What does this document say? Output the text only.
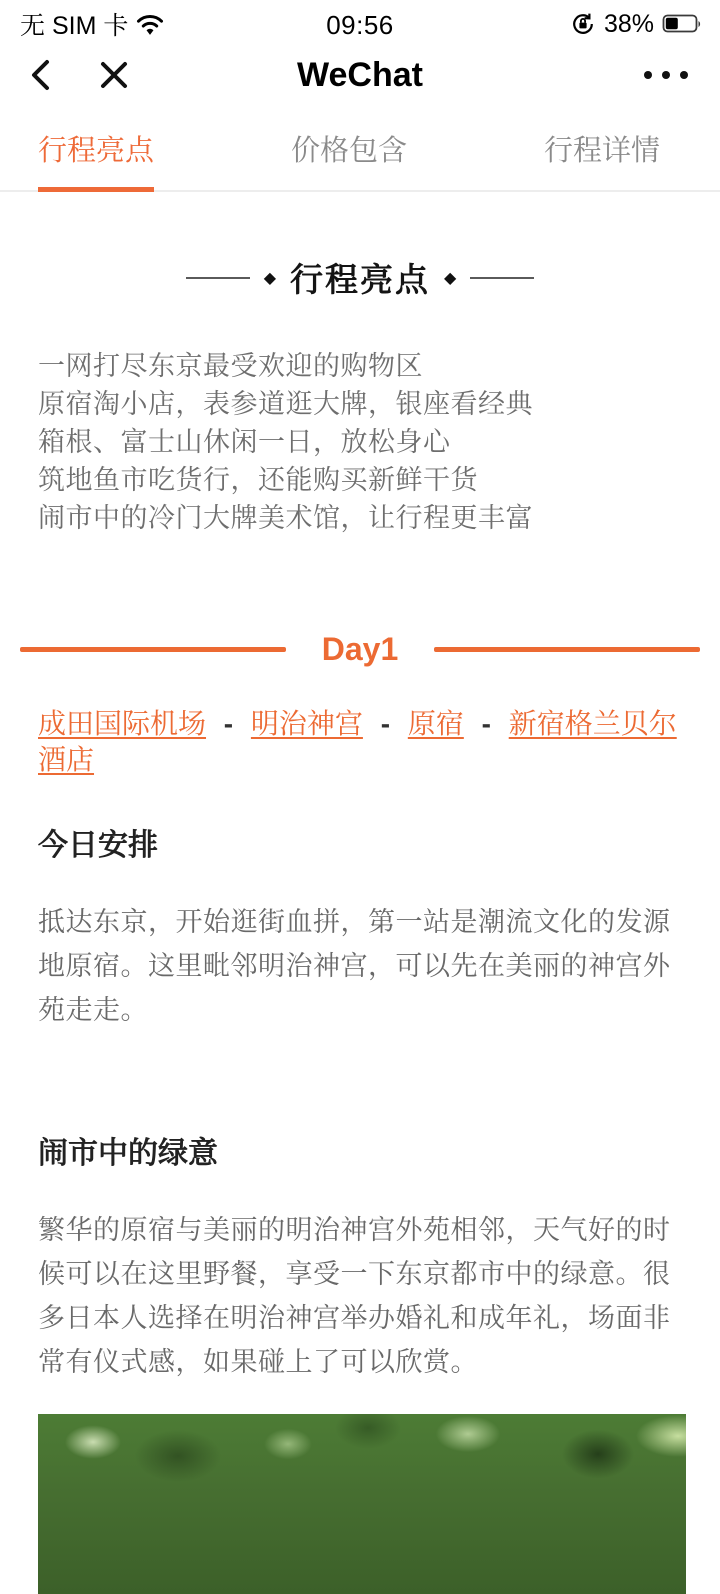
无 SIM 卡	09:56	38%
WeChat
行程亮点	价格包含	行程详情
◆ 行程亮点 ◆
一网打尽东京最受欢迎的购物区
原宿淘小店，表参道逛大牌，银座看经典
箱根、富士山休闲一日，放松身心
筑地鱼市吃货行，还能购买新鲜干货
闹市中的冷门大牌美术馆，让行程更丰富
Day1
成田国际机场 - 明治神宫 - 原宿 - 新宿格兰贝尔酒店
今日安排
抵达东京，开始逛街血拼，第一站是潮流文化的发源地原宿。这里毗邻明治神宫，可以先在美丽的神宫外苑走走。
闹市中的绿意
繁华的原宿与美丽的明治神宫外苑相邻，天气好的时候可以在这里野餐，享受一下东京都市中的绿意。很多日本人选择在明治神宫举办婚礼和成年礼，场面非常有仪式感，如果碰上了可以欣赏。
